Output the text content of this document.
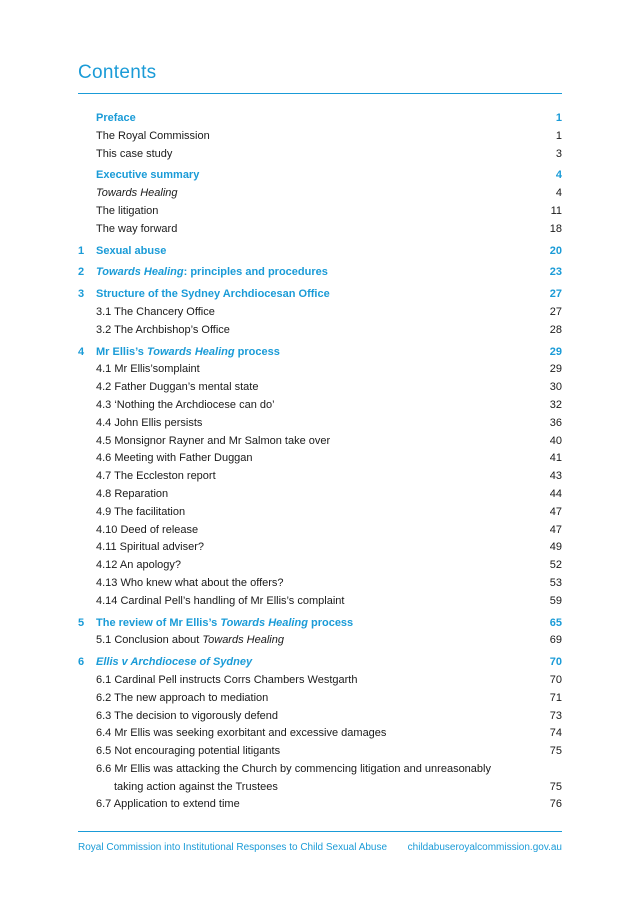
Contents
Preface	1
The Royal Commission	1
This case study	3
Executive summary	4
Towards Healing	4
The litigation	11
The way forward	18
1 Sexual abuse	20
2 Towards Healing: principles and procedures	23
3 Structure of the Sydney Archdiocesan Office	27
3.1 The Chancery Office	27
3.2 The Archbishop’s Office	28
4 Mr Ellis’s Towards Healing process	29
4.1 Mr Ellis’somplaint	29
4.2 Father Duggan’s mental state	30
4.3 ‘Nothing the Archdiocese can do’	32
4.4 John Ellis persists	36
4.5 Monsignor Rayner and Mr Salmon take over	40
4.6 Meeting with Father Duggan	41
4.7 The Eccleston report	43
4.8 Reparation	44
4.9 The facilitation	47
4.10 Deed of release	47
4.11 Spiritual adviser?	49
4.12 An apology?	52
4.13 Who knew what about the offers?	53
4.14 Cardinal Pell’s handling of Mr Ellis’s complaint	59
5 The review of Mr Ellis’s Towards Healing process	65
5.1 Conclusion about Towards Healing	69
6 Ellis v Archdiocese of Sydney	70
6.1 Cardinal Pell instructs Corrs Chambers Westgarth	70
6.2 The new approach to mediation	71
6.3 The decision to vigorously defend	73
6.4 Mr Ellis was seeking exorbitant and excessive damages	74
6.5 Not encouraging potential litigants	75
6.6 Mr Ellis was attacking the Church by commencing litigation and unreasonably
taking action against the Trustees	75
6.7 Application to extend time	76
Royal Commission into Institutional Responses to Child Sexual Abuse childabuseroyalcommission.gov.au
